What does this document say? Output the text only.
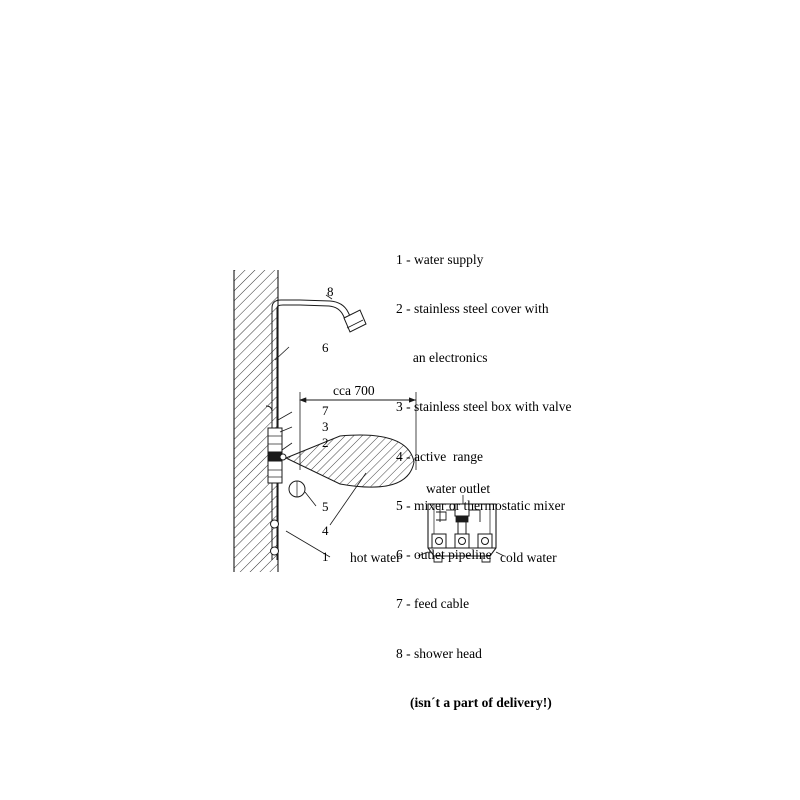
1 - water supply

2 - stainless steel cover with

an electronics

3 - stainless steel box with valve

4 - active  range

5 - mixer or thermostatic mixer

6 - outlet pipeline

7 - feed cable

8 - shower head

(isn´t a part of delivery!)

8
6
7
3
2
5
4
1
cca 700
hot water	cold water
water outlet
